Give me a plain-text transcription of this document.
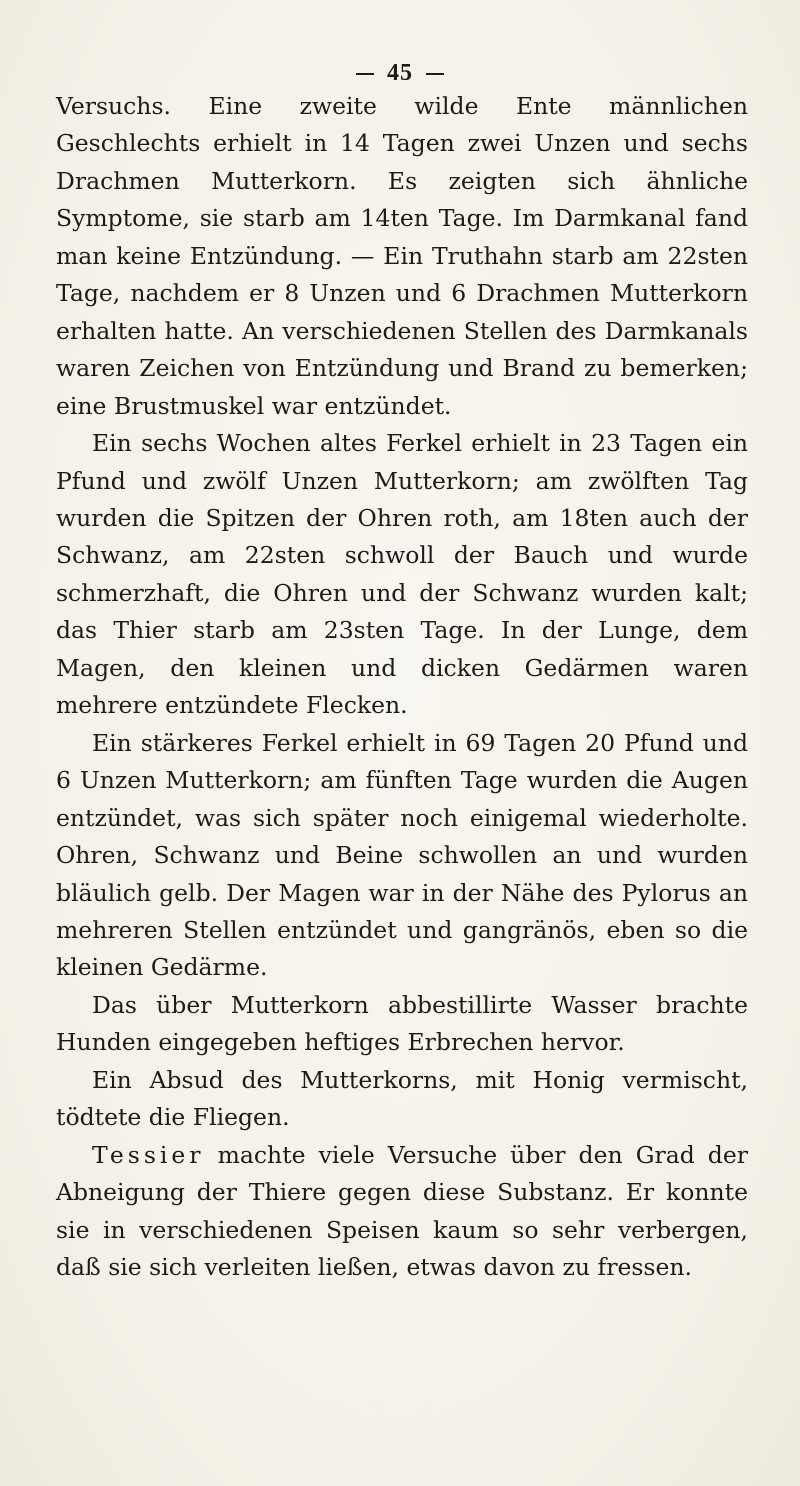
45

Versuchs. Eine zweite wilde Ente männlichen Geschlechts erhielt in 14 Tagen zwei Unzen und sechs Drachmen Mutterkorn. Es zeigten sich ähnliche Symptome, sie starb am 14ten Tage. Im Darmkanal fand man keine Entzündung. — Ein Truthahn starb am 22sten Tage, nachdem er 8 Unzen und 6 Drachmen Mutterkorn erhalten hatte. An verschiedenen Stellen des Darmkanals waren Zeichen von Entzündung und Brand zu bemerken; eine Brustmuskel war entzündet.

Ein sechs Wochen altes Ferkel erhielt in 23 Tagen ein Pfund und zwölf Unzen Mutterkorn; am zwölften Tag wurden die Spitzen der Ohren roth, am 18ten auch der Schwanz, am 22sten schwoll der Bauch und wurde schmerzhaft, die Ohren und der Schwanz wurden kalt; das Thier starb am 23sten Tage. In der Lunge, dem Magen, den kleinen und dicken Gedärmen waren mehrere entzündete Flecken.

Ein stärkeres Ferkel erhielt in 69 Tagen 20 Pfund und 6 Unzen Mutterkorn; am fünften Tage wurden die Augen entzündet, was sich später noch einigemal wiederholte. Ohren, Schwanz und Beine schwollen an und wurden bläulich gelb. Der Magen war in der Nähe des Pylorus an mehreren Stellen entzündet und gangränös, eben so die kleinen Gedärme.

Das über Mutterkorn abbestillirte Wasser brachte Hunden eingegeben heftiges Erbrechen hervor.

Ein Absud des Mutterkorns, mit Honig vermischt, tödtete die Fliegen.

Tessier machte viele Versuche über den Grad der Abneigung der Thiere gegen diese Substanz. Er konnte sie in verschiedenen Speisen kaum so sehr verbergen, daß sie sich verleiten ließen, etwas davon zu fressen.
